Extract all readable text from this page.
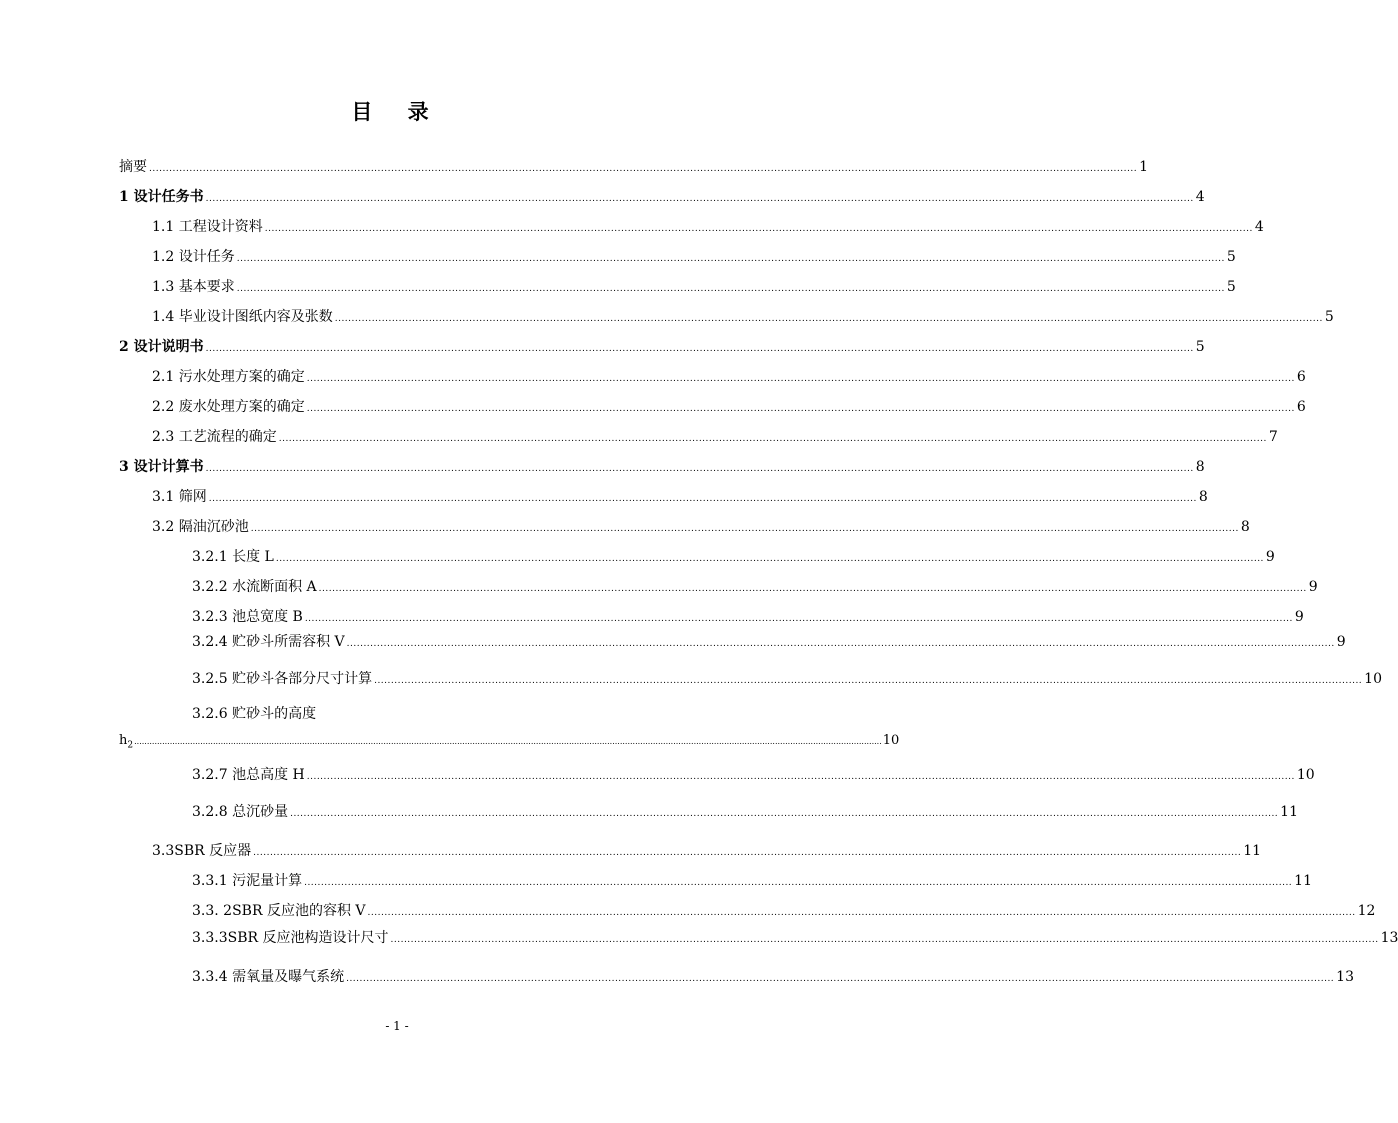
目 录
摘要 ...................................................................................................................................................................................................................................................................................................... 1
1 设计任务书 ...................................................................................................................................................................................................................................................................................................... 4
1.1 工程设计资料 ...................................................................................................................................................................................................................................................................................................... 4
1.2 设计任务 ...................................................................................................................................................................................................................................................................................................... 5
1.3 基本要求 ...................................................................................................................................................................................................................................................................................................... 5
1.4 毕业设计图纸内容及张数 ...................................................................................................................................................................................................................................................................................................... 5
2 设计说明书 ...................................................................................................................................................................................................................................................................................................... 5
2.1 污水处理方案的确定 ...................................................................................................................................................................................................................................................................................................... 6
2.2 废水处理方案的确定 ...................................................................................................................................................................................................................................................................................................... 6
2.3 工艺流程的确定 ...................................................................................................................................................................................................................................................................................................... 7
3 设计计算书 ...................................................................................................................................................................................................................................................................................................... 8
3.1 筛网 ...................................................................................................................................................................................................................................................................................................... 8
3.2 隔油沉砂池 ...................................................................................................................................................................................................................................................................................................... 8
3.2.1 长度 L ...................................................................................................................................................................................................................................................................................................... 9
3.2.2 水流断面积 A ...................................................................................................................................................................................................................................................................................................... 9
3.2.3 池总宽度 B ...................................................................................................................................................................................................................................................................................................... 9
3.2.4 贮砂斗所需容积 V ...................................................................................................................................................................................................................................................................................................... 9
3.2.5 贮砂斗各部分尺寸计算 ...................................................................................................................................................................................................................................................................................................... 10
3.2.6 贮砂斗的高度
$h_2$ ...................................................................................................................................................................................................................................................................................................... 10
3.2.7 池总高度 H ...................................................................................................................................................................................................................................................................................................... 10
3.2.8 总沉砂量 ...................................................................................................................................................................................................................................................................................................... 11
3.3SBR 反应器 ...................................................................................................................................................................................................................................................................................................... 11
3.3.1 污泥量计算 ...................................................................................................................................................................................................................................................................................................... 11
3.3. 2SBR 反应池的容积 V ...................................................................................................................................................................................................................................................................................................... 12
3.3.3SBR 反应池构造设计尺寸 ...................................................................................................................................................................................................................................................................................................... 13
3.3.4 需氧量及曝气系统 ...................................................................................................................................................................................................................................................................................................... 13
- 1 -
